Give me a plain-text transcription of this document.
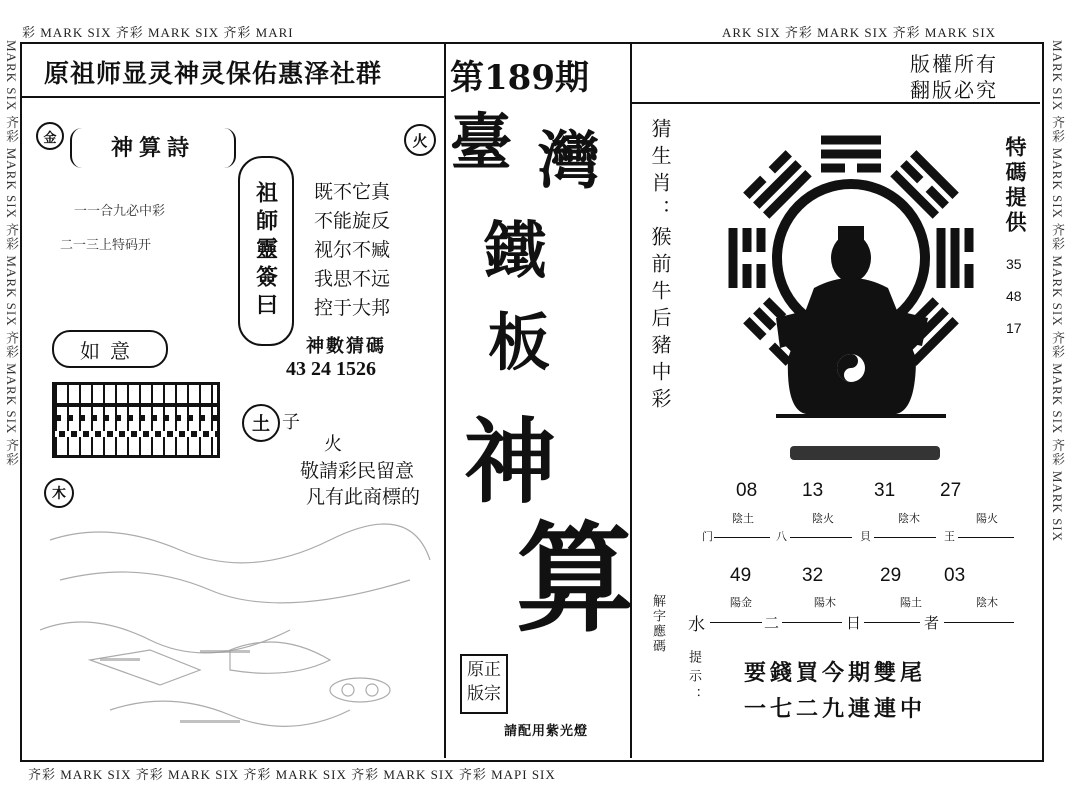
彩 MARK SIX 齐彩 MARK SIX 齐彩 MARI	ARK SIX 齐彩 MARK SIX 齐彩 MARK SIX
齐彩 MARK SIX 齐彩 MARK SIX 齐彩 MARK SIX 齐彩 MARK SIX 齐彩 MAPI SIX
MARK SIX 齐彩 MARK SIX 齐彩 MARK SIX 齐彩 MARK SIX 齐彩	MARK SIX 齐彩 MARK SIX 齐彩 MARK SIX 齐彩 MARK SIX 齐彩 MARK SIX
原祖师显灵神灵保佑惠泽社群 第189期	版權所有
翻版必究
金	火
神算詩
一一合九必中彩
二一三上特码开	祖師靈簽曰	既不它真
不能旋反
视尔不臧
我思不远
控于大邦
如意	神數猜碼
43 24 1526
土 子
火
敬請彩民留意
凡有此商標的
木
臺 灣
鐵
板
神
算
原正
版宗
請配用紫光燈
猜生肖：猴前牛后豬中彩	特碼提供
35
48
17
08 13	31 27
陰土	陰火	陰木	陽火
门	八	貝	王
49	32	29 03
陽金	陽木	陽土	陰木
水	二	日	者
解字應碼
提示： 要錢買今期雙尾
一七二九連連中
